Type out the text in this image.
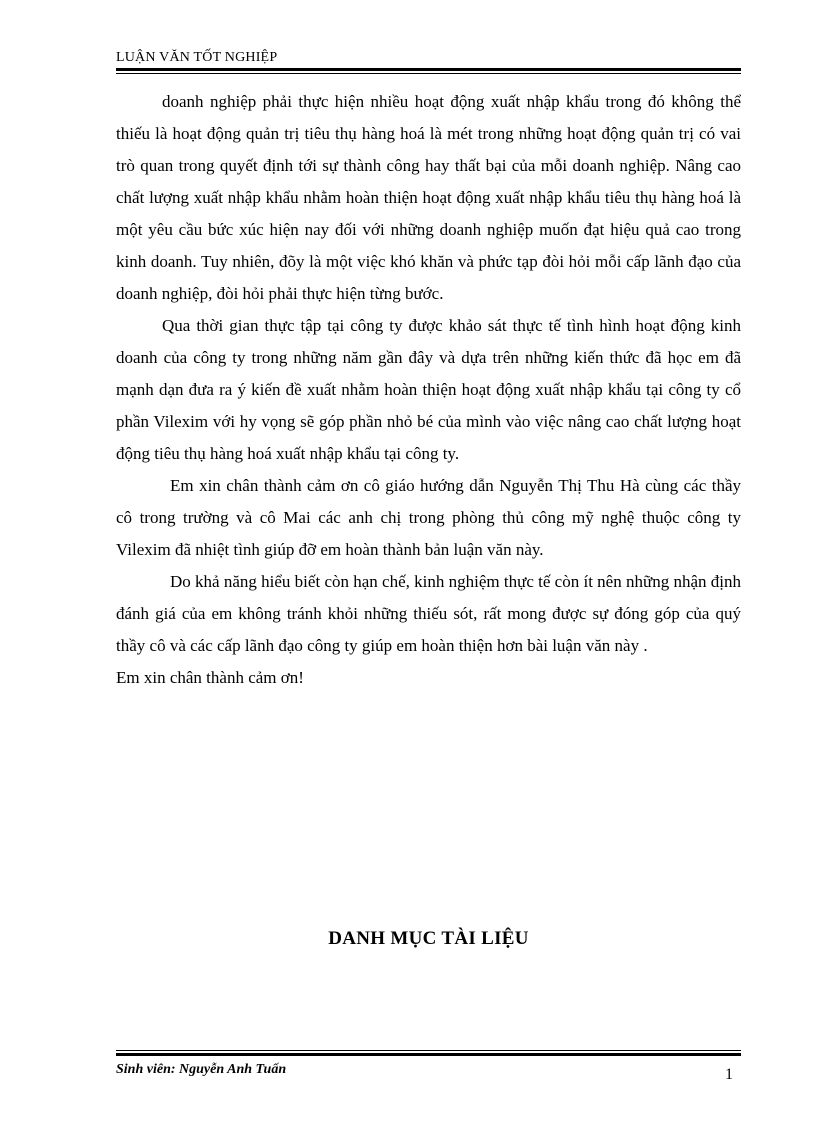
LUẬN VĂN TỐT NGHIỆP

doanh nghiệp phải thực hiện nhiều hoạt động xuất nhập khẩu trong đó không thể thiếu là hoạt động quản trị tiêu thụ hàng hoá là mét trong những hoạt động quản trị có vai trò quan trong quyết định tới sự thành công hay thất bại của mỗi doanh nghiệp. Nâng cao chất lượng xuất nhập khẩu nhằm hoàn thiện hoạt động xuất nhập khẩu tiêu thụ hàng hoá là một yêu cầu bức xúc hiện nay đối với những doanh nghiệp muốn đạt hiệu quả cao trong kinh doanh. Tuy nhiên, đõy là một việc khó khăn và phức tạp đòi hỏi mỗi cấp lãnh đạo của doanh nghiệp, đòi hỏi phải thực hiện từng bước.

Qua thời gian thực tập tại công ty được khảo sát thực tế tình hình hoạt động kinh doanh của công ty trong những năm gần đây và dựa trên những kiến thức đã học em đã mạnh dạn đưa ra ý kiến đề xuất nhằm hoàn thiện hoạt động xuất nhập khẩu tại công ty cổ phần Vilexim với hy vọng sẽ góp phần nhỏ bé của mình vào việc nâng cao chất lượng hoạt động tiêu thụ hàng hoá xuất nhập khẩu tại công ty.

Em xin chân thành cảm ơn cô giáo hướng dẫn Nguyễn Thị Thu Hà cùng các thầy cô trong trường và cô Mai các anh chị trong phòng thủ công mỹ nghệ thuộc công ty Vilexim đã nhiệt tình giúp đỡ em hoàn thành bản luận văn này.

Do khả năng hiểu biết còn hạn chế, kinh nghiệm thực tế còn ít nên những nhận định đánh giá của em không tránh khỏi những thiếu sót, rất mong được sự đóng góp của quý thầy cô và các cấp lãnh đạo công ty giúp em hoàn thiện hơn bài luận văn này .

Em xin chân thành cảm ơn!

DANH MỤC TÀI LIỆU
Sinh viên: Nguyễn Anh Tuấn	1
